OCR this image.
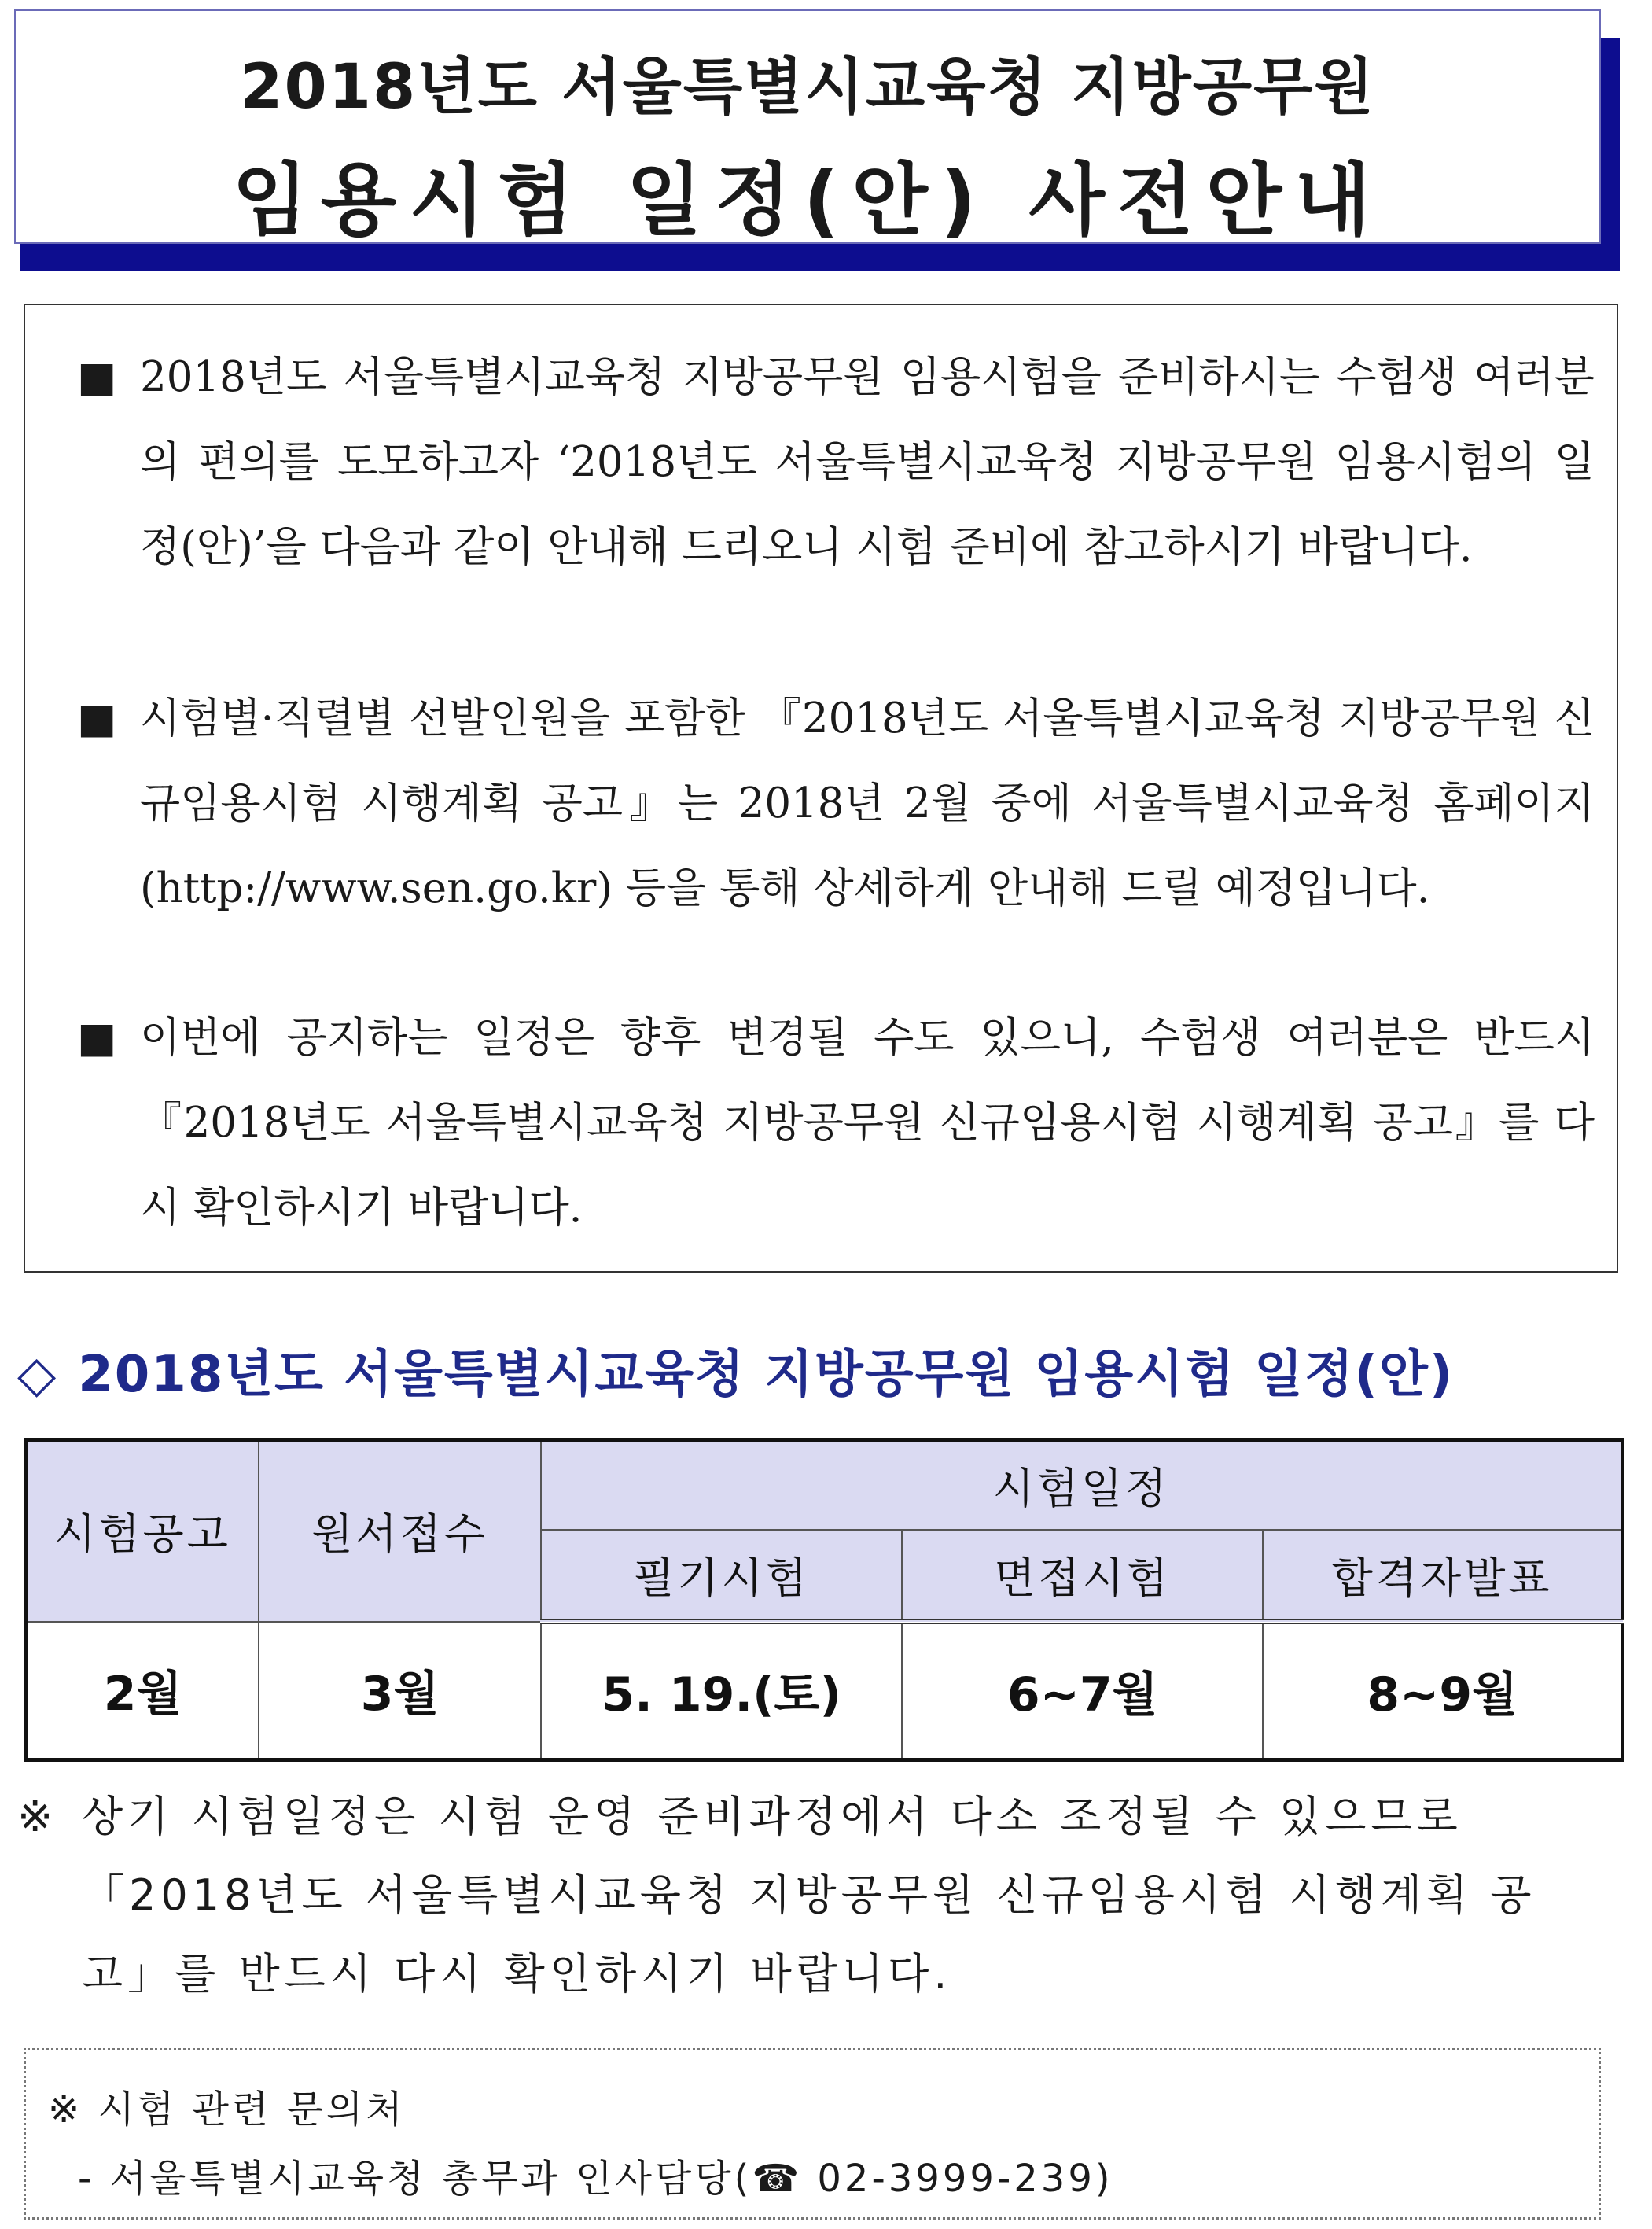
2018년도 서울특별시교육청 지방공무원
임용시험 일정(안) 사전안내
■ 2018년도 서울특별시교육청 지방공무원 임용시험을 준비하시는 수험생 여러분의 편의를 도모하고자 ‘2018년도 서울특별시교육청 지방공무원 임용시험의 일정(안)’을 다음과 같이 안내해 드리오니 시험 준비에 참고하시기 바랍니다.
■ 시험별·직렬별 선발인원을 포함한 『2018년도 서울특별시교육청 지방공무원 신규임용시험 시행계획 공고』는 2018년 2월 중에 서울특별시교육청 홈페이지(http://www.sen.go.kr) 등을 통해 상세하게 안내해 드릴 예정입니다.
■ 이번에 공지하는 일정은 향후 변경될 수도 있으니, 수험생 여러분은 반드시 『2018년도 서울특별시교육청 지방공무원 신규임용시험 시행계획 공고』를 다시 확인하시기 바랍니다.
◇ 2018년도 서울특별시교육청 지방공무원 임용시험 일정(안)
시험공고	원서접수	시험일정		
		필기시험	면접시험	합격자발표
2월	3월	5. 19.(토)	6~7월	8~9월
※ 상기 시험일정은 시험 운영 준비과정에서 다소 조정될 수 있으므로 「2018년도 서울특별시교육청 지방공무원 신규임용시험 시행계획 공고」를 반드시 다시 확인하시기 바랍니다.
※ 시험 관련 문의처
- 서울특별시교육청 총무과 인사담당(☎ 02-3999-239)
